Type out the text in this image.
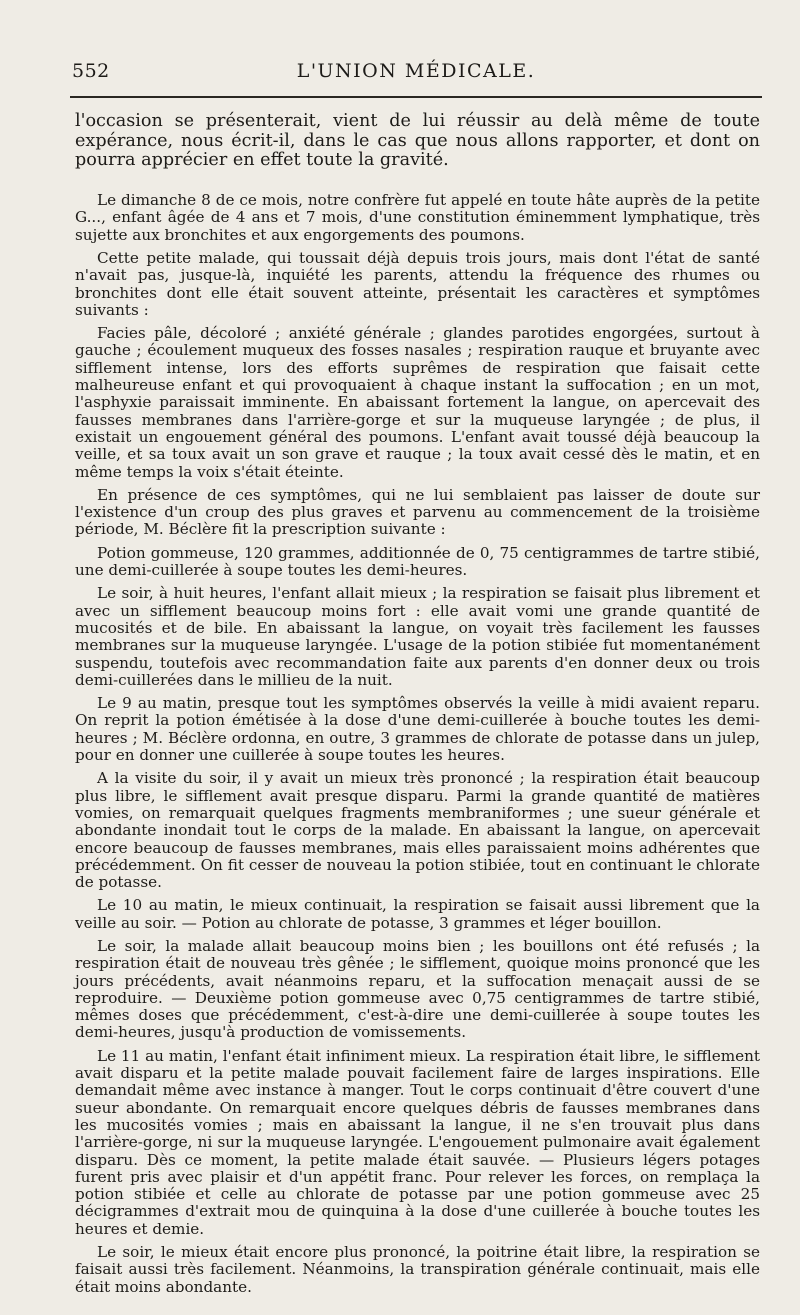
552	L'UNION MÉDICALE.

l'occasion se présenterait, vient de lui réussir au delà même de toute expérance, nous écrit-il, dans le cas que nous allons rapporter, et dont on pourra apprécier en effet toute la gravité.

Le dimanche 8 de ce mois, notre confrère fut appelé en toute hâte auprès de la petite G..., enfant âgée de 4 ans et 7 mois, d'une constitution éminemment lymphatique, très sujette aux bronchites et aux engorgements des poumons.

Cette petite malade, qui toussait déjà depuis trois jours, mais dont l'état de santé n'avait pas, jusque-là, inquiété les parents, attendu la fréquence des rhumes ou bronchites dont elle était souvent atteinte, présentait les caractères et symptômes suivants :

Facies pâle, décoloré ; anxiété générale ; glandes parotides engorgées, surtout à gauche ; écoulement muqueux des fosses nasales ; respiration rauque et bruyante avec sifflement intense, lors des efforts suprêmes de respiration que faisait cette malheureuse enfant et qui provoquaient à chaque instant la suffocation ; en un mot, l'asphyxie paraissait imminente. En abaissant fortement la langue, on apercevait des fausses membranes dans l'arrière-gorge et sur la muqueuse laryngée ; de plus, il existait un engouement général des poumons. L'enfant avait toussé déjà beaucoup la veille, et sa toux avait un son grave et rauque ; la toux avait cessé dès le matin, et en même temps la voix s'était éteinte.

En présence de ces symptômes, qui ne lui semblaient pas laisser de doute sur l'existence d'un croup des plus graves et parvenu au commencement de la troisième période, M. Béclère fit la prescription suivante :

Potion gommeuse, 120 grammes, additionnée de 0, 75 centigrammes de tartre stibié, une demi-cuillerée à soupe toutes les demi-heures.

Le soir, à huit heures, l'enfant allait mieux ; la respiration se faisait plus librement et avec un sifflement beaucoup moins fort : elle avait vomi une grande quantité de mucosités et de bile. En abaissant la langue, on voyait très facilement les fausses membranes sur la muqueuse laryngée. L'usage de la potion stibiée fut momentanément suspendu, toutefois avec recommandation faite aux parents d'en donner deux ou trois demi-cuillerées dans le millieu de la nuit.

Le 9 au matin, presque tout les symptômes observés la veille à midi avaient reparu. On reprit la potion émétisée à la dose d'une demi-cuillerée à bouche toutes les demi-heures ; M. Béclère ordonna, en outre, 3 grammes de chlorate de potasse dans un julep, pour en donner une cuillerée à soupe toutes les heures.

A la visite du soir, il y avait un mieux très prononcé ; la respiration était beaucoup plus libre, le sifflement avait presque disparu. Parmi la grande quantité de matières vomies, on remarquait quelques fragments membraniformes ; une sueur générale et abondante inondait tout le corps de la malade. En abaissant la langue, on apercevait encore beaucoup de fausses membranes, mais elles paraissaient moins adhérentes que précédemment. On fit cesser de nouveau la potion stibiée, tout en continuant le chlorate de potasse.

Le 10 au matin, le mieux continuait, la respiration se faisait aussi librement que la veille au soir. — Potion au chlorate de potasse, 3 grammes et léger bouillon.

Le soir, la malade allait beaucoup moins bien ; les bouillons ont été refusés ; la respiration était de nouveau très gênée ; le sifflement, quoique moins prononcé que les jours précédents, avait néanmoins reparu, et la suffocation menaçait aussi de se reproduire. — Deuxième potion gommeuse avec 0,75 centigrammes de tartre stibié, mêmes doses que précédemment, c'est-à-dire une demi-cuillerée à soupe toutes les demi-heures, jusqu'à production de vomissements.

Le 11 au matin, l'enfant était infiniment mieux. La respiration était libre, le sifflement avait disparu et la petite malade pouvait facilement faire de larges inspirations. Elle demandait même avec instance à manger. Tout le corps continuait d'être couvert d'une sueur abondante. On remarquait encore quelques débris de fausses membranes dans les mucosités vomies ; mais en abaissant la langue, il ne s'en trouvait plus dans l'arrière-gorge, ni sur la muqueuse laryngée. L'engouement pulmonaire avait également disparu. Dès ce moment, la petite malade était sauvée. — Plusieurs légers potages furent pris avec plaisir et d'un appétit franc. Pour relever les forces, on remplaça la potion stibiée et celle au chlorate de potasse par une potion gommeuse avec 25 décigrammes d'extrait mou de quinquina à la dose d'une cuillerée à bouche toutes les heures et demie.

Le soir, le mieux était encore plus prononcé, la poitrine était libre, la respiration se faisait aussi très facilement. Néanmoins, la transpiration générale continuait, mais elle était moins abondante.
